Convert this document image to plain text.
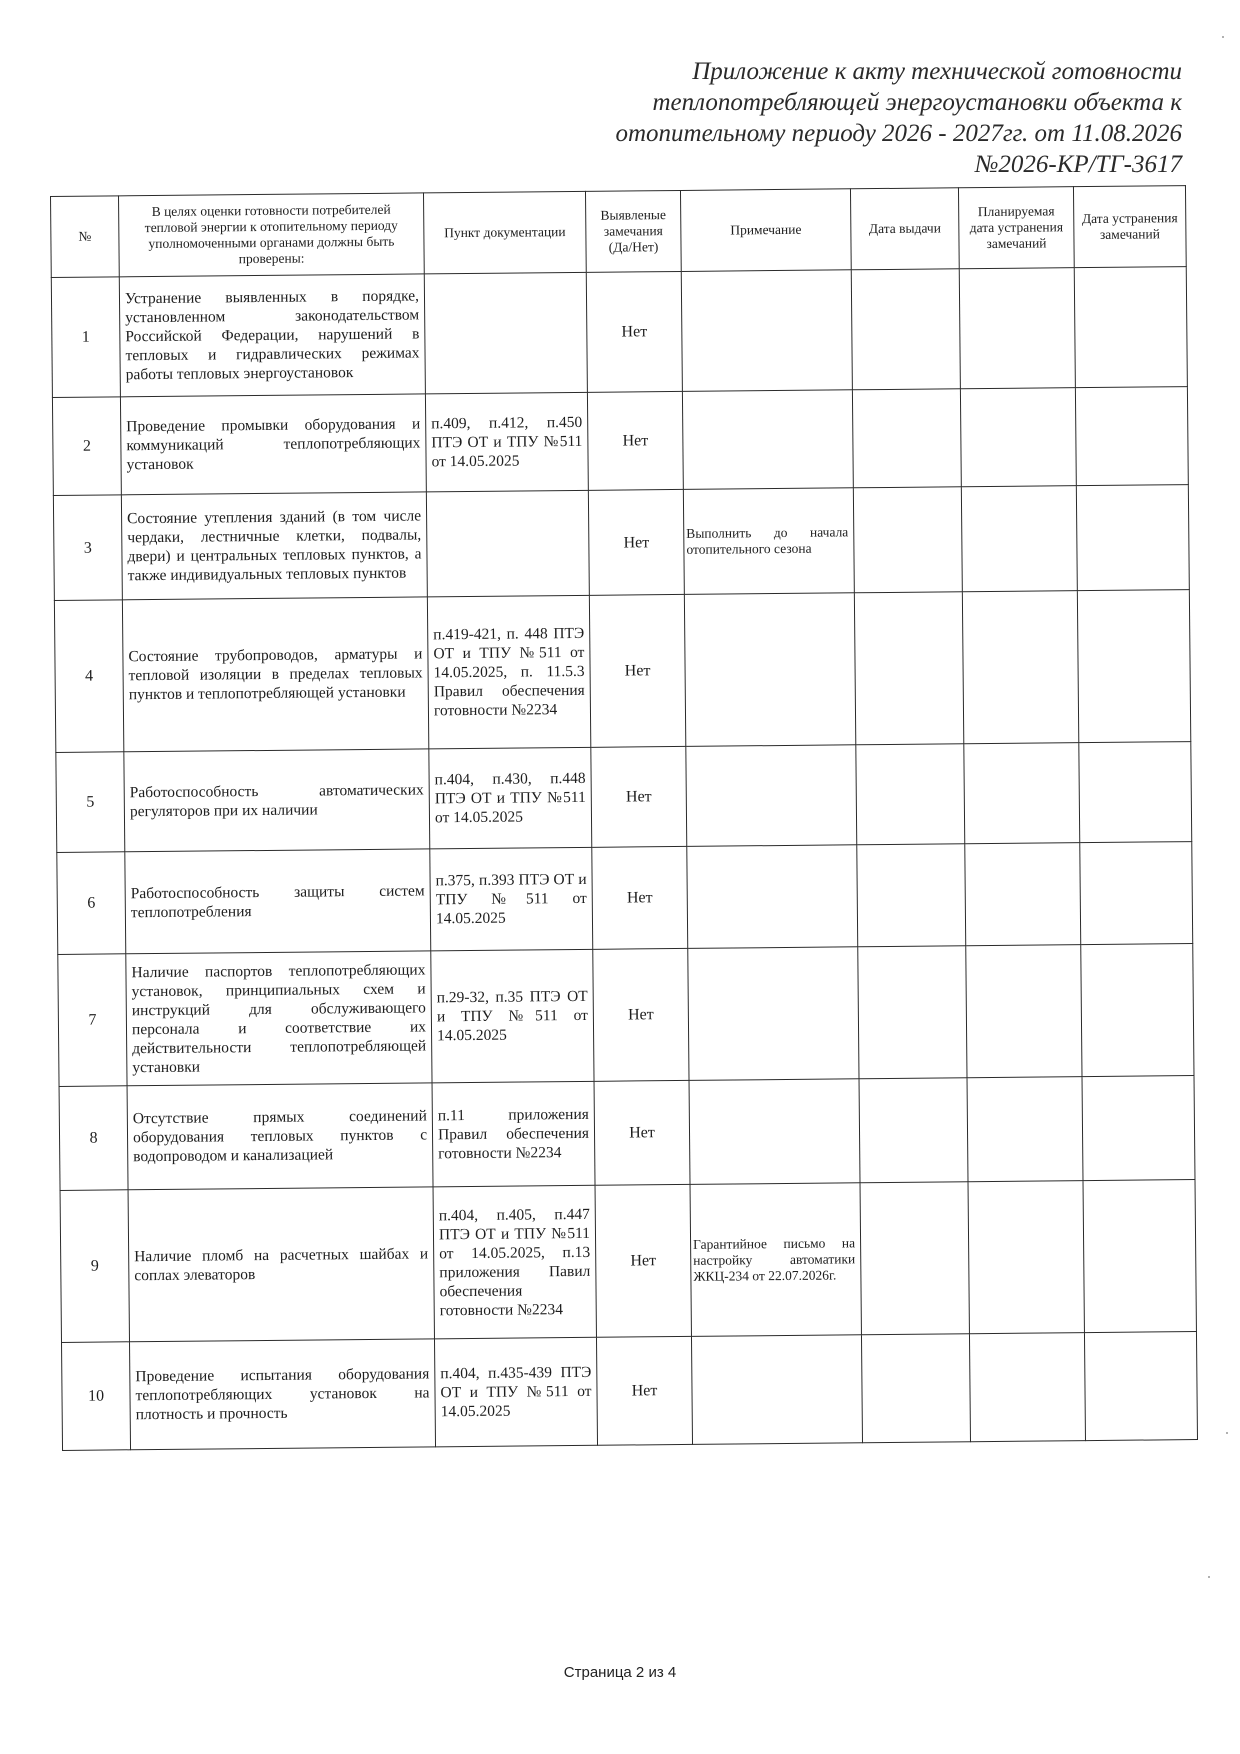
Приложение к акту технической готовности
теплопотребляющей энергоустановки объекта к
отопительному периоду 2026 - 2027гг. от 11.08.2026
№2026-КР/ТГ-3617
№	В целях оценки готовности потребителей тепловой энергии к отопительному периоду уполномоченными органами должны быть проверены:	Пункт документации	Выявленые замечания (Да/Нет)	Примечание	Дата выдачи	Планируемая дата устранения замечаний	Дата устранения замечаний
1	Устранение выявленных в порядке, установленном законодательством Российской Федерации, нарушений в тепловых и гидравлических режимах работы тепловых энергоустановок		Нет				
2	Проведение промывки оборудования и коммуникаций теплопотребляющих установок	п.409, п.412, п.450 ПТЭ ОТ и ТПУ №511 от 14.05.2025	Нет				
3	Состояние утепления зданий (в том числе чердаки, лестничные клетки, подвалы, двери) и центральных тепловых пунктов, а также индивидуальных тепловых пунктов		Нет	Выполнить до начала отопительного сезона			
4	Состояние трубопроводов, арматуры и тепловой изоляции в пределах тепловых пунктов и теплопотребляющей установки	п.419-421, п. 448 ПТЭ ОТ и ТПУ №511 от 14.05.2025, п. 11.5.3 Правил обеспечения готовности №2234	Нет				
5	Работоспособность автоматических регуляторов при их наличии	п.404, п.430, п.448 ПТЭ ОТ и ТПУ №511 от 14.05.2025	Нет				
6	Работоспособность защиты систем теплопотребления	п.375, п.393 ПТЭ ОТ и ТПУ №511 от 14.05.2025	Нет				
7	Наличие паспортов теплопотребляющих установок, принципиальных схем и инструкций для обслуживающего персонала и соответствие их действительности теплопотребляющей установки	п.29-32, п.35 ПТЭ ОТ и ТПУ №511 от 14.05.2025	Нет				
8	Отсутствие прямых соединений оборудования тепловых пунктов с водопроводом и канализацией	п.11 приложения Правил обеспечения готовности №2234	Нет				
9	Наличие пломб на расчетных шайбах и соплах элеваторов	п.404, п.405, п.447 ПТЭ ОТ и ТПУ №511 от 14.05.2025, п.13 приложения Павил обеспечения готовности №2234	Нет	Гарантийное письмо на настройку автоматики ЖКЦ-234 от 22.07.2026г.			
10	Проведение испытания оборудования теплопотребляющих установок на плотность и прочность	п.404, п.435-439 ПТЭ ОТ и ТПУ №511 от 14.05.2025	Нет				
Страница 2 из 4
